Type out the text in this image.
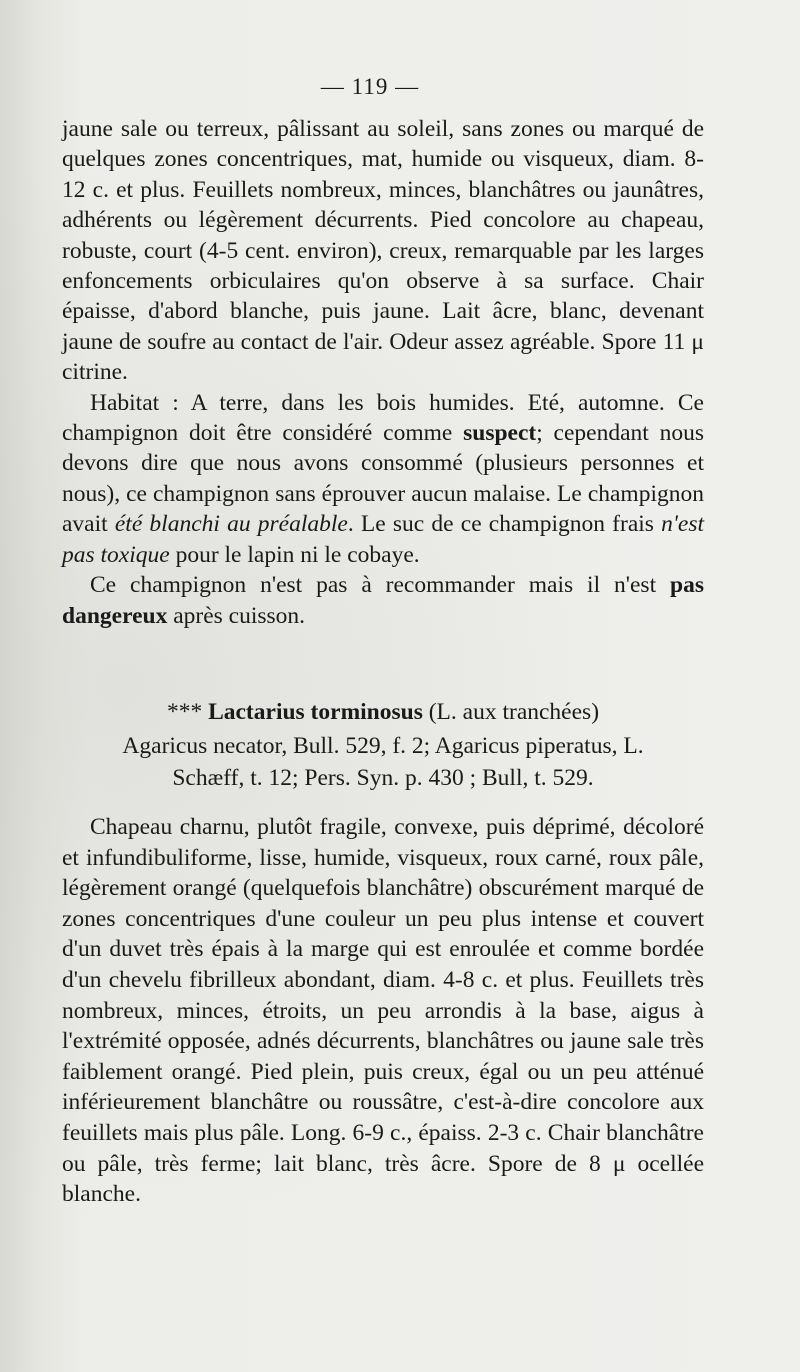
— 119 —

jaune sale ou terreux, pâlissant au soleil, sans zones ou marqué de quelques zones concentriques, mat, humide ou visqueux, diam. 8-12 c. et plus. Feuillets nombreux, minces, blanchâtres ou jaunâtres, adhérents ou légèrement décurrents. Pied concolore au chapeau, robuste, court (4-5 cent. environ), creux, remarquable par les larges enfoncements orbiculaires qu'on observe à sa surface. Chair épaisse, d'abord blanche, puis jaune. Lait âcre, blanc, devenant jaune de soufre au contact de l'air. Odeur assez agréable. Spore 11 μ citrine.

Habitat : A terre, dans les bois humides. Eté, automne. Ce champignon doit être considéré comme suspect; cependant nous devons dire que nous avons consommé (plusieurs personnes et nous), ce champignon sans éprouver aucun malaise. Le champignon avait été blanchi au préalable. Le suc de ce champignon frais n'est pas toxique pour le lapin ni le cobaye.

Ce champignon n'est pas à recommander mais il n'est pas dangereux après cuisson.

*** Lactarius torminosus (L. aux tranchées)
Agaricus necator, Bull. 529, f. 2; Agaricus piperatus, L.
Schæff, t. 12; Pers. Syn. p. 430 ; Bull, t. 529.

Chapeau charnu, plutôt fragile, convexe, puis déprimé, décoloré et infundibuliforme, lisse, humide, visqueux, roux carné, roux pâle, légèrement orangé (quelquefois blanchâtre) obscurément marqué de zones concentriques d'une couleur un peu plus intense et couvert d'un duvet très épais à la marge qui est enroulée et comme bordée d'un chevelu fibrilleux abondant, diam. 4-8 c. et plus. Feuillets très nombreux, minces, étroits, un peu arrondis à la base, aigus à l'extrémité opposée, adnés décurrents, blanchâtres ou jaune sale très faiblement orangé. Pied plein, puis creux, égal ou un peu atténué inférieurement blanchâtre ou roussâtre, c'est-à-dire concolore aux feuillets mais plus pâle. Long. 6-9 c., épaiss. 2-3 c. Chair blanchâtre ou pâle, très ferme; lait blanc, très âcre. Spore de 8 μ ocellée blanche.
